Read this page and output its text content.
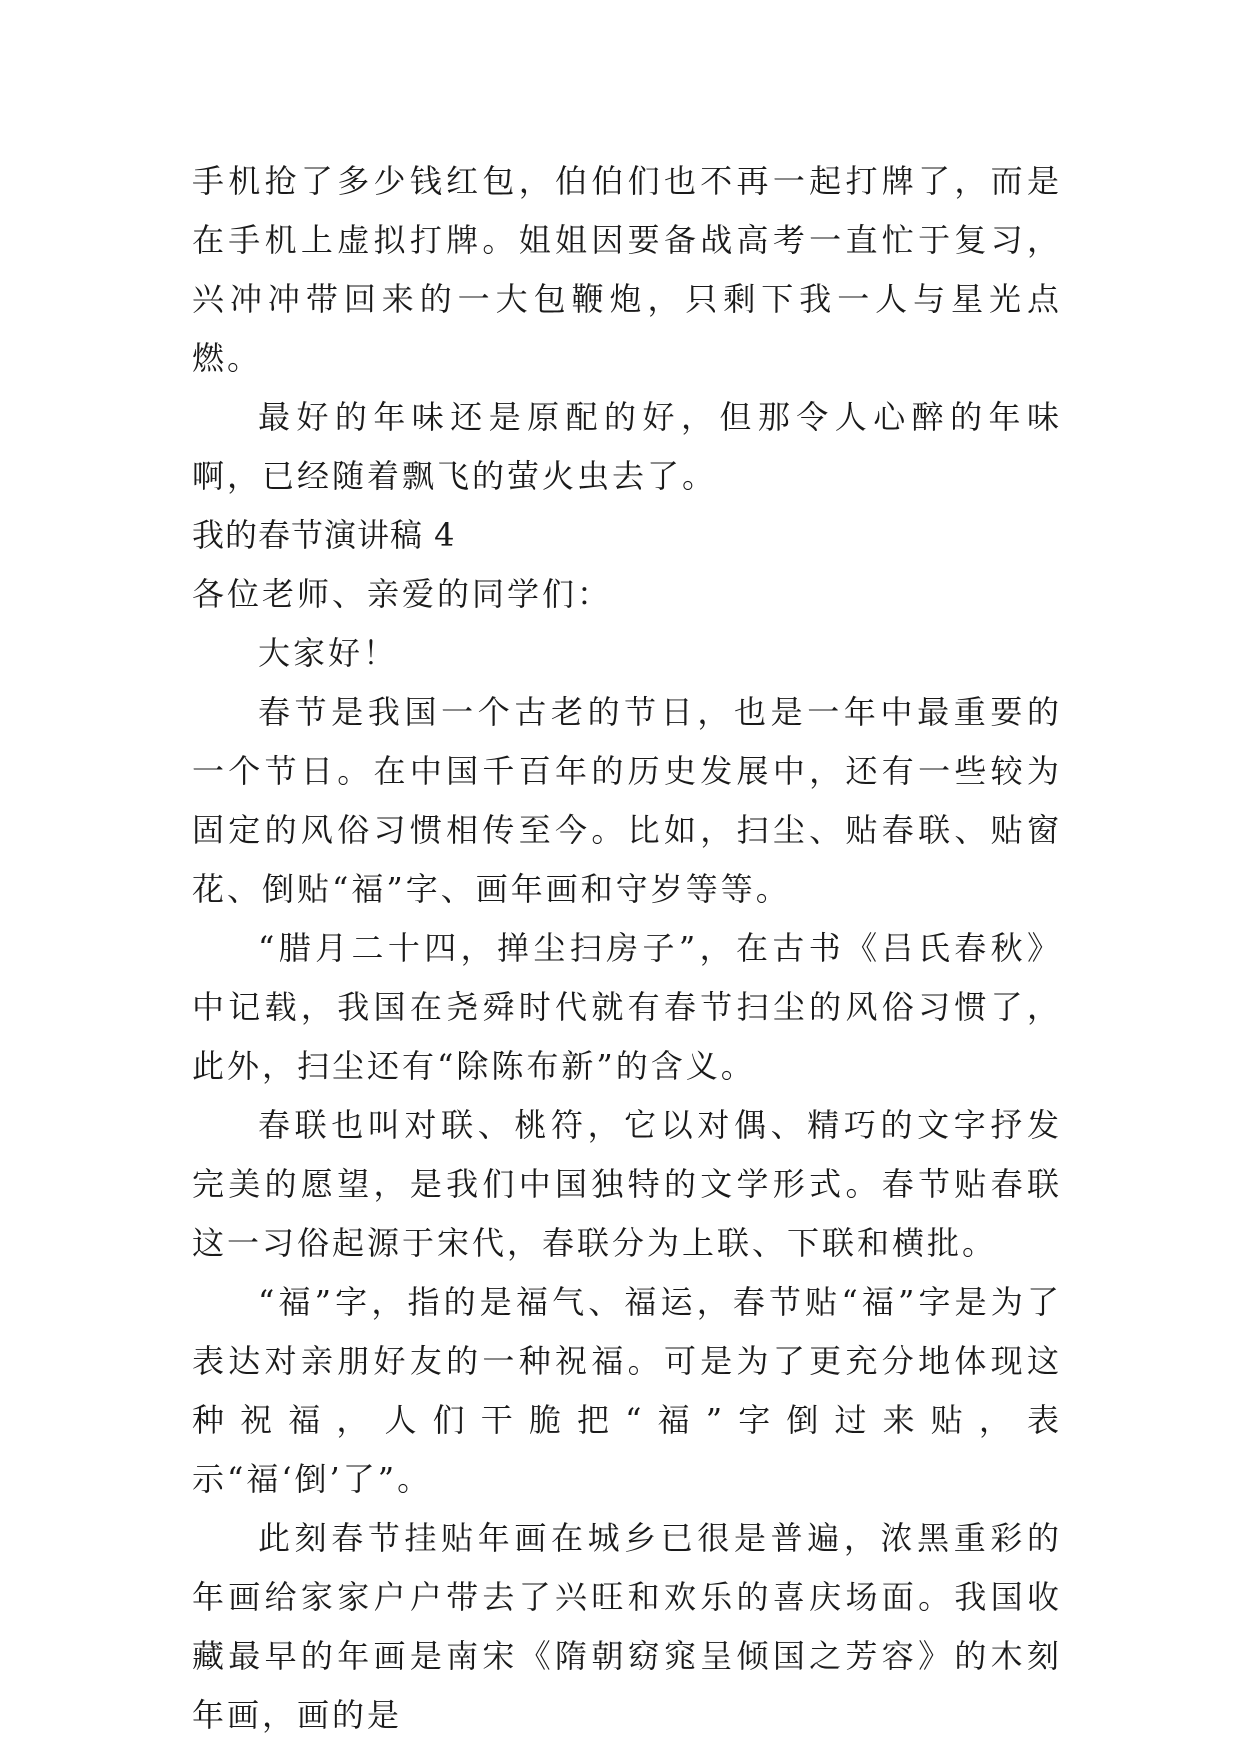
手机抢了多少钱红包，伯伯们也不再一起打牌了，而是在手机上虚拟打牌。姐姐因要备战高考一直忙于复习，兴冲冲带回来的一大包鞭炮，只剩下我一人与星光点燃。

最好的年味还是原配的好，但那令人心醉的年味啊，已经随着飘飞的萤火虫去了。

我的春节演讲稿 4

各位老师、亲爱的同学们：

大家好！

春节是我国一个古老的节日，也是一年中最重要的一个节日。在中国千百年的历史发展中，还有一些较为固定的风俗习惯相传至今。比如，扫尘、贴春联、贴窗花、倒贴“福”字、画年画和守岁等等。

“腊月二十四，掸尘扫房子”，在古书《吕氏春秋》中记载，我国在尧舜时代就有春节扫尘的风俗习惯了，此外，扫尘还有“除陈布新”的含义。

春联也叫对联、桃符，它以对偶、精巧的文字抒发完美的愿望，是我们中国独特的文学形式。春节贴春联这一习俗起源于宋代，春联分为上联、下联和横批。

“福”字，指的是福气、福运，春节贴“福”字是为了表达对亲朋好友的一种祝福。可是为了更充分地体现这种祝福，人们干脆把“福”字倒过来贴，表示“福‘倒’了”。

此刻春节挂贴年画在城乡已很是普遍，浓黑重彩的年画给家家户户带去了兴旺和欢乐的喜庆场面。我国收藏最早的年画是南宋《隋朝窈窕呈倾国之芳容》的木刻年画，画的是
